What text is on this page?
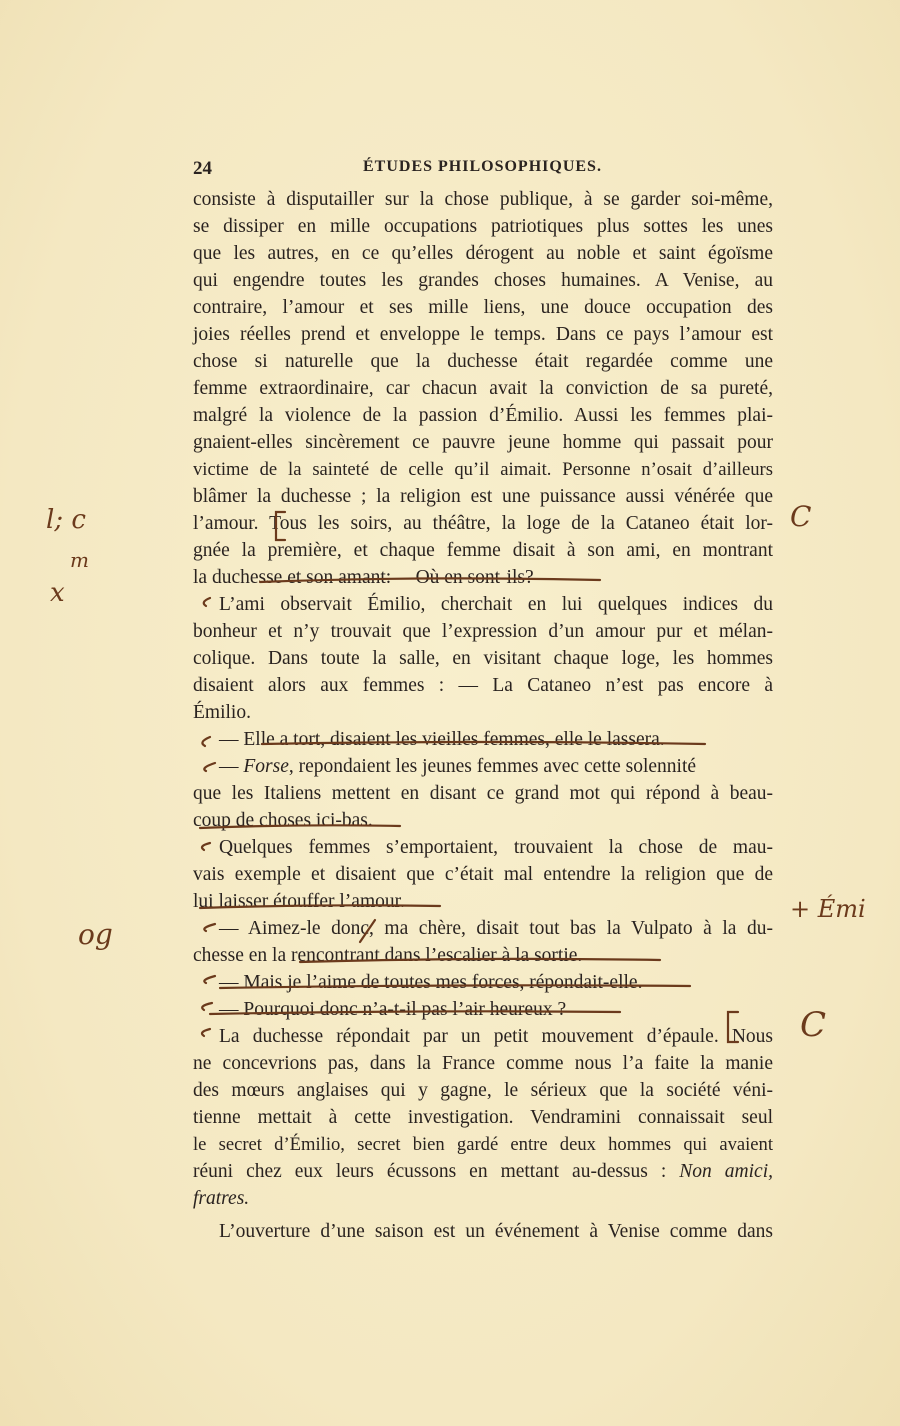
24	ÉTUDES PHILOSOPHIQUES.
consiste à disputailler sur la chose publique, à se garder soi-même,
se dissiper en mille occupations patriotiques plus sottes les unes
que les autres, en ce qu’elles dérogent au noble et saint égoïsme
qui engendre toutes les grandes choses humaines. A Venise, au
contraire, l’amour et ses mille liens, une douce occupation des
joies réelles prend et enveloppe le temps. Dans ce pays l’amour est
chose si naturelle que la duchesse était regardée comme une
femme extraordinaire, car chacun avait la conviction de sa pureté,
malgré la violence de la passion d’Émilio. Aussi les femmes plai-
gnaient-elles sincèrement ce pauvre jeune homme qui passait pour
victime de la sainteté de celle qu’il aimait. Personne n’osait d’ailleurs
blâmer la duchesse ; la religion est une puissance aussi vénérée que
l’amour. Tous les soirs, au théâtre, la loge de la Cataneo était lor-
gnée la première, et chaque femme disait à son ami, en montrant
la duchesse et son amant: —Où en sont-ils?
L’ami observait Émilio, cherchait en lui quelques indices du
bonheur et n’y trouvait que l’expression d’un amour pur et mélan-
colique. Dans toute la salle, en visitant chaque loge, les hommes
disaient alors aux femmes : — La Cataneo n’est pas encore à
Émilio.
— Elle a tort, disaient les vieilles femmes, elle le lassera.
— Forse, repondaient les jeunes femmes avec cette solennité
que les Italiens mettent en disant ce grand mot qui répond à beau-
coup de choses ici-bas.
Quelques femmes s’emportaient, trouvaient la chose de mau-
vais exemple et disaient que c’était mal entendre la religion que de
lui laisser étouffer l’amour.
— Aimez-le donc, ma chère, disait tout bas la Vulpato à la du-
chesse en la rencontrant dans l’escalier à la sortie.
— Mais je l’aime de toutes mes forces, répondait-elle.
— Pourquoi donc n’a-t-il pas l’air heureux ?
La duchesse répondait par un petit mouvement d’épaule. Nous
ne concevrions pas, dans la France comme nous l’a faite la manie
des mœurs anglaises qui y gagne, le sérieux que la société véni-
tienne mettait à cette investigation. Vendramini connaissait seul
le secret d’Émilio, secret bien gardé entre deux hommes qui avaient
réuni chez eux leurs écussons en mettant au-dessus : Non amici,
fratres.
L’ouverture d’une saison est un événement à Venise comme dans
l; c
m
x
og
C
+ Émi
C
